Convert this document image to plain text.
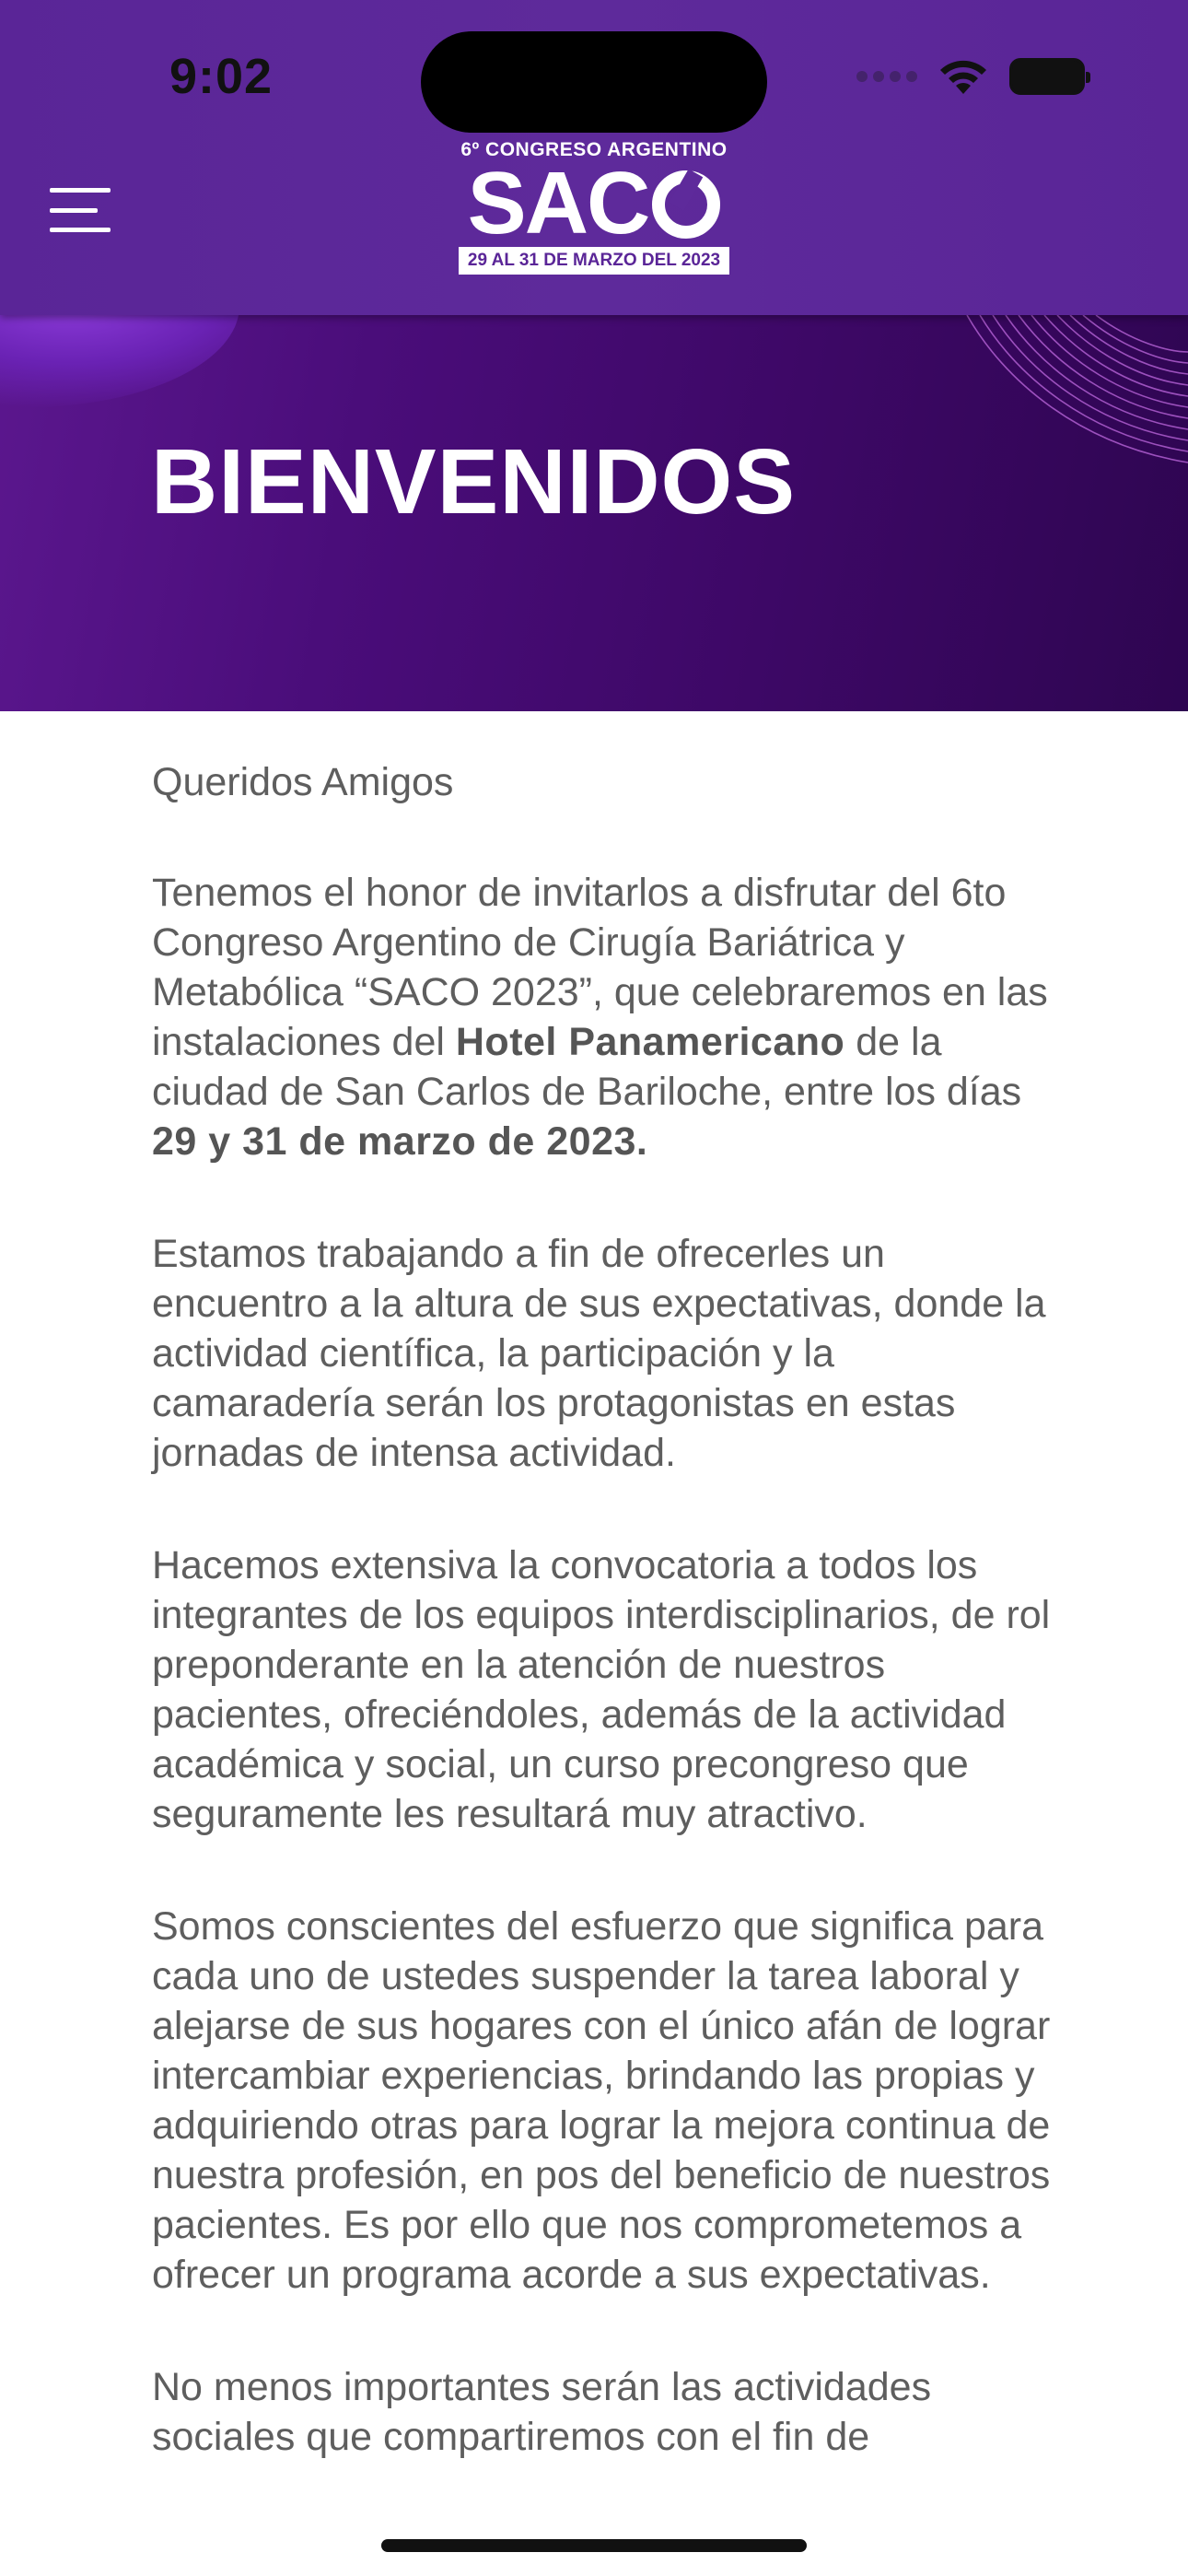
9:02
6º CONGRESO ARGENTINO
SAC
29 AL 31 DE MARZO DEL 2023
BIENVENIDOS

Queridos Amigos

Tenemos el honor de invitarlos a disfrutar del 6to Congreso Argentino de Cirugía Bariátrica y Metabólica “SACO 2023”, que celebraremos en las instalaciones del Hotel Panamericano de la ciudad de San Carlos de Bariloche, entre los días 29 y 31 de marzo de 2023.

Estamos trabajando a fin de ofrecerles un encuentro a la altura de sus expectativas, donde la actividad científica, la participación y la camaradería serán los protagonistas en estas jornadas de intensa actividad.

Hacemos extensiva la convocatoria a todos los integrantes de los equipos interdisciplinarios, de rol preponderante en la atención de nuestros pacientes, ofreciéndoles, además de la actividad académica y social, un curso precongreso que seguramente les resultará muy atractivo.

Somos conscientes del esfuerzo que significa para cada uno de ustedes suspender la tarea laboral y alejarse de sus hogares con el único afán de lograr intercambiar experiencias, brindando las propias y adquiriendo otras para lograr la mejora continua de nuestra profesión, en pos del beneficio de nuestros pacientes. Es por ello que nos comprometemos a ofrecer un programa acorde a sus expectativas.

No menos importantes serán las actividades sociales que compartiremos con el fin de
